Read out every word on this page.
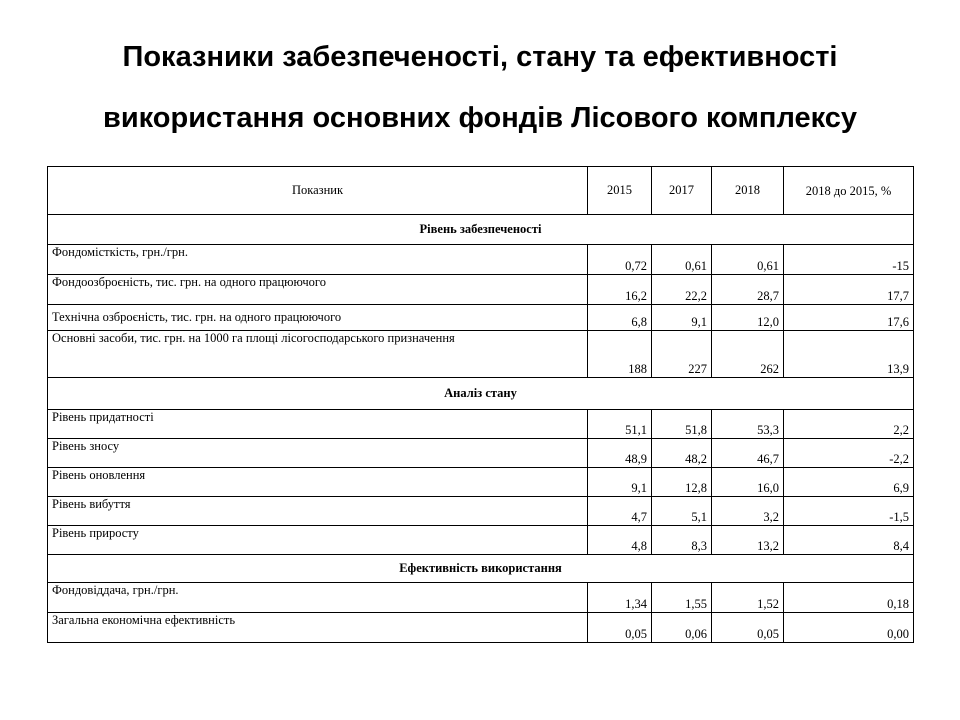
Показники забезпеченості, стану та ефективності
використання основних фондів Лісового комплексу
Показник	2015	2017	2018	2018 до 2015, %
Рівень забезпеченості				
Фондомісткість, грн./грн.	0,72	0,61	0,61	-15
Фондоозброєність, тис. грн. на одного працюючого	16,2	22,2	28,7	17,7
Технічна озброєність, тис. грн. на одного працюючого	6,8	9,1	12,0	17,6
Основні засоби, тис. грн. на 1000 га площі лісогосподарського призначення	188	227	262	13,9
Аналіз стану				
Рівень придатності	51,1	51,8	53,3	2,2
Рівень зносу	48,9	48,2	46,7	-2,2
Рівень оновлення	9,1	12,8	16,0	6,9
Рівень вибуття	4,7	5,1	3,2	-1,5
Рівень приросту	4,8	8,3	13,2	8,4
Ефективність використання				
Фондовіддача, грн./грн.	1,34	1,55	1,52	0,18
Загальна економічна ефективність	0,05	0,06	0,05	0,00
